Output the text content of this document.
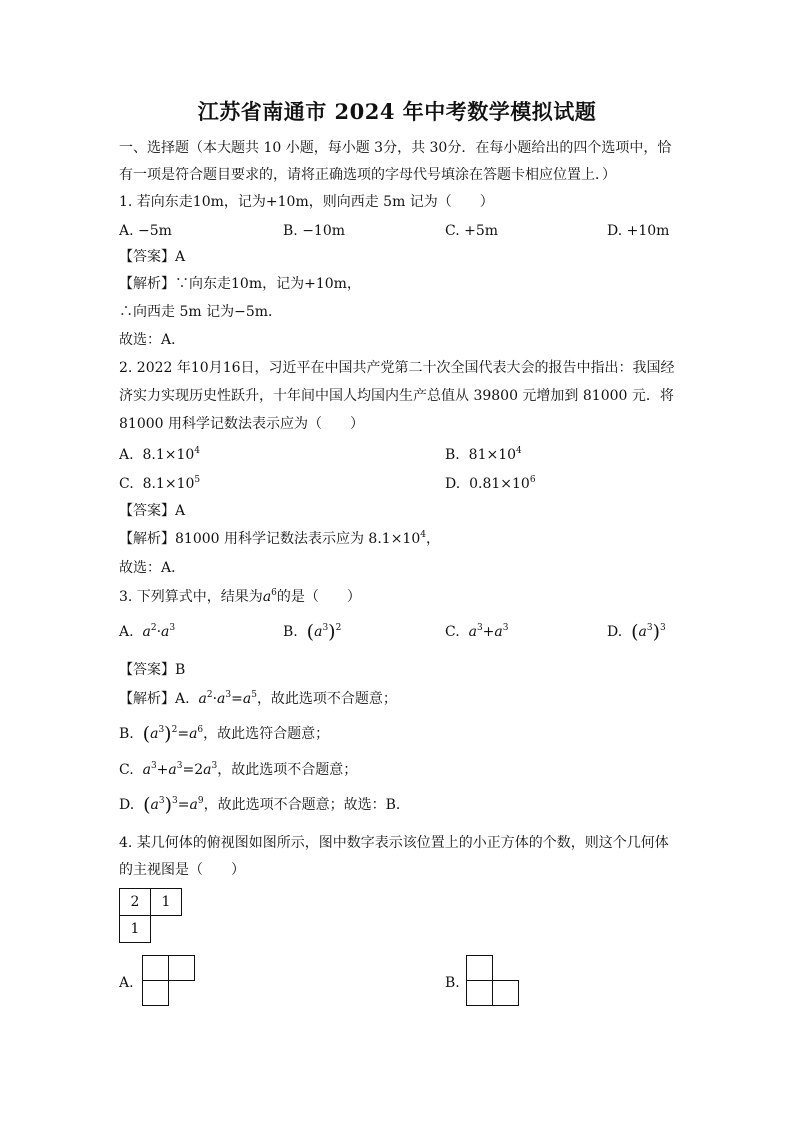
江苏省南通市 2024 年中考数学模拟试题
一、选择题（本大题共 10 小题，每小题 3分，共 30分．在每小题给出的四个选项中，恰
有一项是符合题目要求的，请将正确选项的字母代号填涂在答题卡相应位置上．）
1. 若向东走10m，记为+10m，则向西走 5m 记为（　　）
A. −5m	B. −10m	C. +5m	D. +10m
【答案】A
【解析】∵向东走10m，记为+10m，
∴向西走 5m 记为−5m．
故选：A．
2. 2022 年10月16日，习近平在中国共产党第二十次全国代表大会的报告中指出：我国经
济实力实现历史性跃升，十年间中国人均国内生产总值从 39800 元增加到 81000 元．将
81000 用科学记数法表示应为（　　）
A. $8.1\times 10^4$	B. $81\times 10^4$
C. $8.1\times 10^5$	D. $0.81\times 10^6$
【答案】A
【解析】81000 用科学记数法表示应为 $8.1\times 10^4$，
故选：A．
3. 下列算式中，结果为$a^6$的是（　　）
A. $a^2\cdot a^3$	B. $(a^3)^2$	C. $a^3+a^3$	D. $(a^3)^3$
【答案】B
【解析】A. $a^2\cdot a^3=a^5$，故此选项不合题意；
B. $(a^3)^2=a^6$，故此选符合题意；
C. $a^3+a^3=2a^3$，故此选项不合题意；
D. $(a^3)^3=a^9$，故此选项不合题意；故选：B．
4. 某几何体的俯视图如图所示，图中数字表示该位置上的小正方体的个数，则这个几何体
的主视图是（　　）
2	1
1	
A.	B.
